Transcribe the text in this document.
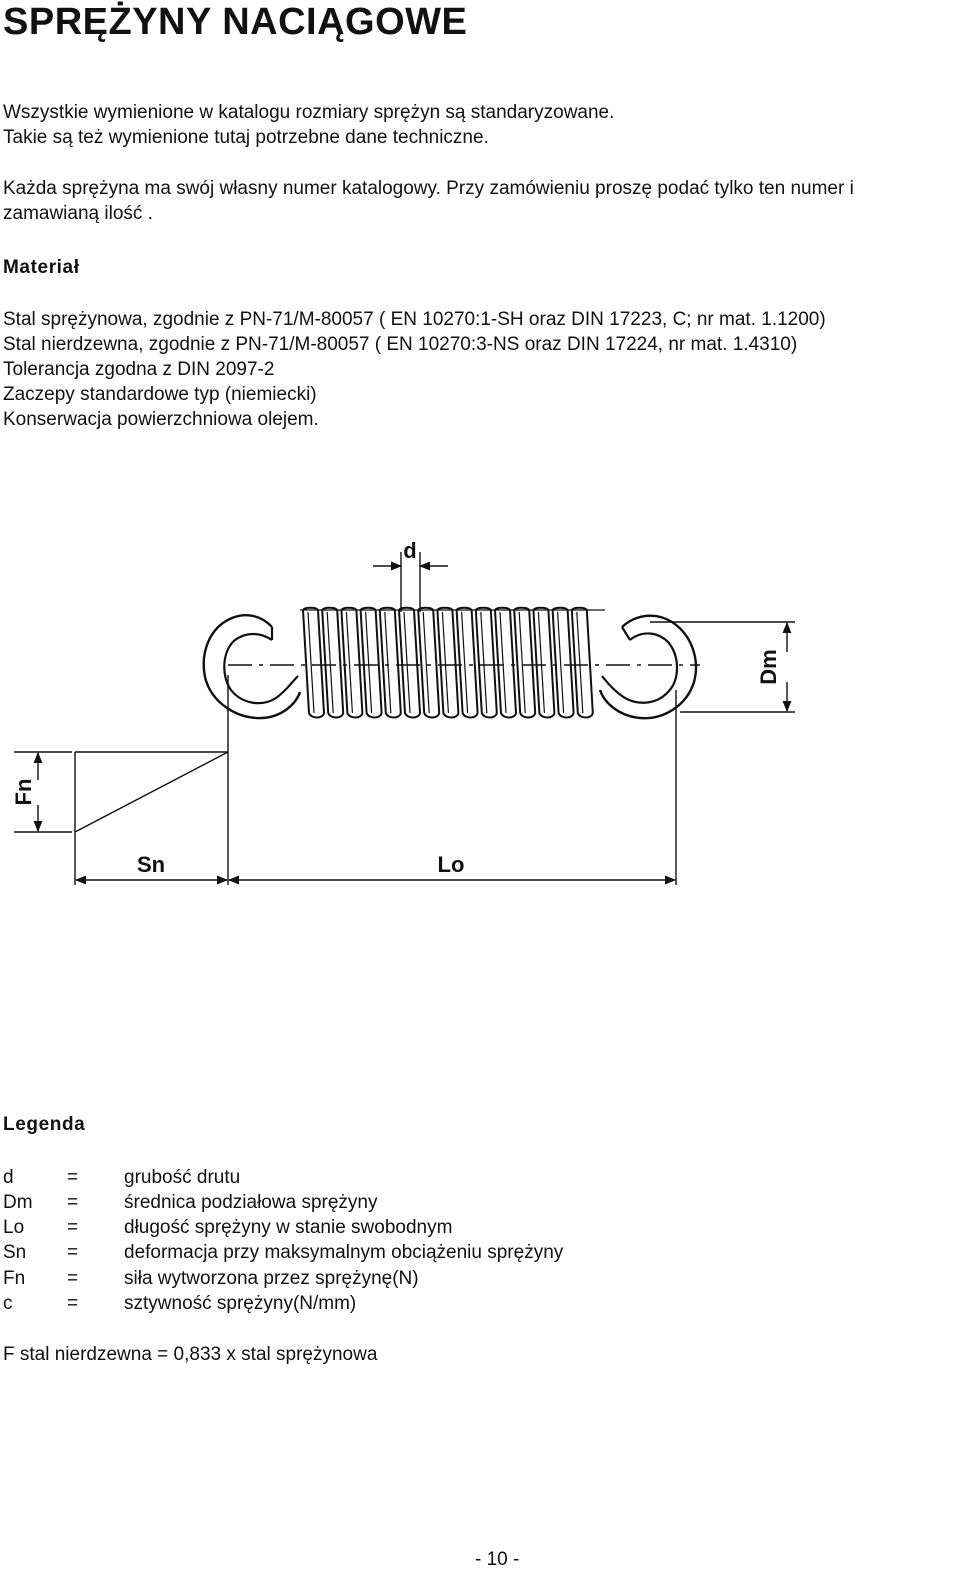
SPRĘŻYNY NACIĄGOWE
Wszystkie wymienione w katalogu rozmiary sprężyn są standaryzowane.
Takie są też wymienione tutaj potrzebne dane techniczne.
Każda sprężyna ma swój własny numer katalogowy. Przy zamówieniu proszę podać tylko ten numer i
zamawianą ilość .
Materiał
Stal sprężynowa, zgodnie z PN-71/M-80057 ( EN 10270:1-SH oraz DIN 17223, C; nr mat. 1.1200)
Stal nierdzewna, zgodnie z PN-71/M-80057 ( EN 10270:3-NS oraz DIN 17224, nr mat. 1.4310)
Tolerancja zgodna z DIN 2097-2
Zaczepy standardowe typ (niemiecki)
Konserwacja powierzchniowa olejem.
d
Dm
Fn
Sn	Lo
Legenda
d	= grubość drutu
Dm = średnica podziałowa sprężyny
Lo = długość sprężyny w stanie swobodnym
Sn = deformacja przy maksymalnym obciążeniu sprężyny
Fn = siła wytworzona przez sprężynę(N)
c	= sztywność sprężyny(N/mm)
F stal nierdzewna = 0,833 x stal sprężynowa
- 10 -
